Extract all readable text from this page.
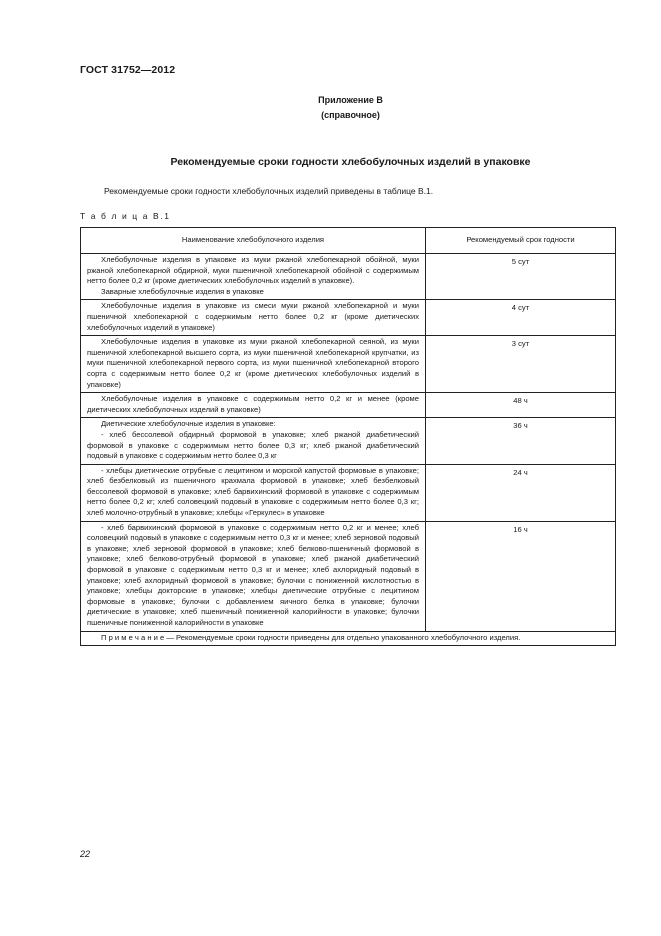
ГОСТ 31752—2012
Приложение В
(справочное)
Рекомендуемые сроки годности хлебобулочных изделий в упаковке
Рекомендуемые сроки годности хлебобулочных изделий приведены в таблице В.1.
Т а б л и ц а В.1
Наименование хлебобулочного изделия	Рекомендуемый срок годности

Хлебобулочные изделия в упаковке из муки ржаной хлебопекарной обойной, муки ржаной хлебопекарной обдирной, муки пшеничной хлебопекарной обойной с содержимым нетто более 0,2 кг (кроме диетических хлебобулочных изделий в упаковке).
Заварные хлебобулочные изделия в упаковке	5 сут
Хлебобулочные изделия в упаковке из смеси муки ржаной хлебопекарной и муки пшеничной хлебопекарной с содержимым нетто более 0,2 кг (кроме диетических хлебобулочных изделий в упаковке)	4 сут
Хлебобулочные изделия в упаковке из муки ржаной хлебопекарной сеяной, из муки пшеничной хлебопекарной высшего сорта, из муки пшеничной хлебопекарной крупчатки, из муки пшеничной хлебопекарной первого сорта, из муки пшеничной хлебопекарной второго сорта с содержимым нетто более 0,2 кг (кроме диетических хлебобулочных изделий в упаковке)	3 сут
Хлебобулочные изделия в упаковке с содержимым нетто 0,2 кг и менее (кроме диетических хлебобулочных изделий в упаковке)	48 ч

Диетические хлебобулочные изделия в упаковке:
- хлеб бессолевой обдирный формовой в упаковке; хлеб ржаной диабетический формовой в упаковке с содержимым нетто более 0,3 кг; хлеб ржаной диабетический подовый в упаковке с содержимым нетто более 0,3 кг	36 ч
- хлебцы диетические отрубные с лецитином и морской капустой формовые в упаковке; хлеб безбелковый из пшеничного крахмала формовой в упаковке; хлеб безбелковый бессолевой формовой в упаковке; хлеб барвихинский формовой в упаковке с содержимым нетто более 0,2 кг; хлеб соловецкий подовый в упаковке с содержимым нетто более 0,3 кг; хлеб молочно-отрубный в упаковке; хлебцы «Геркулес» в упаковке	24 ч
- хлеб барвихинский формовой в упаковке с содержимым нетто 0,2 кг и менее; хлеб соловецкий подовый в упаковке с содержимым нетто 0,3 кг и менее; хлеб зерновой подовый в упаковке; хлеб зерновой формовой в упаковке; хлеб белково-пшеничный формовой в упаковке; хлеб белково-отрубный формовой в упаковке; хлеб ржаной диабетический формовой в упаковке с содержимым нетто 0,3 кг и менее; хлеб ахлоридный подовый в упаковке; хлеб ахлоридный формовой в упаковке; булочки с пониженной кислотностью в упаковке; хлебцы докторские в упаковке; хлебцы диетические отрубные с лецитином формовые в упаковке; булочки с добавлением яичного белка в упаковке; булочки диетические в упаковке; хлеб пшеничный пониженной калорийности в упаковке; булочки пшеничные пониженной калорийности в упаковке	16 ч
П р и м е ч а н и е — Рекомендуемые сроки годности приведены для отдельно упакованного хлебобулочного изделия.	
22
